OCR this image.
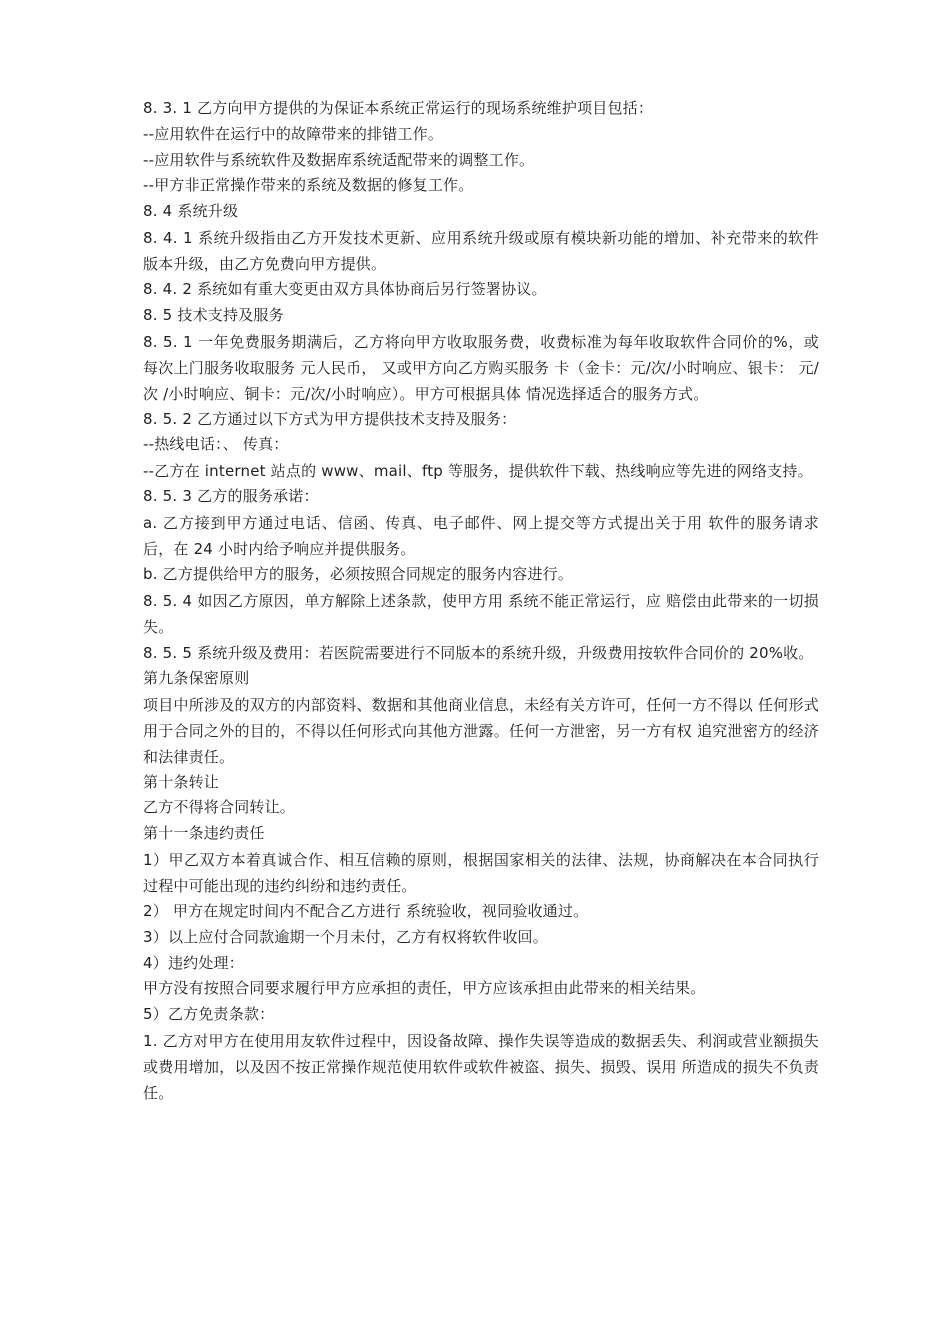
8. 3. 1 乙方向甲方提供的为保证本系统正常运行的现场系统维护项目包括：

--应用软件在运行中的故障带来的排错工作。

--应用软件与系统软件及数据库系统适配带来的调整工作。

--甲方非正常操作带来的系统及数据的修复工作。

8. 4 系统升级

8. 4. 1 系统升级指由乙方开发技术更新、应用系统升级或原有模块新功能的增加、补充带来的软件版本升级，由乙方免费向甲方提供。

8. 4. 2 系统如有重大变更由双方具体协商后另行签署协议。

8. 5 技术支持及服务

8. 5. 1 一年免费服务期满后，乙方将向甲方收取服务费，收费标准为每年收取软件合同价的%，或每次上门服务收取服务 元人民币， 又或甲方向乙方购买服务 卡（金卡：元/次/小时响应、银卡： 元/次 /小时响应、铜卡：元/次/小时响应）。甲方可根据具体 情况选择适合的服务方式。

8. 5. 2 乙方通过以下方式为甲方提供技术支持及服务：

--热线电话：、 传真：

--乙方在 internet 站点的 www、mail、ftp 等服务，提供软件下载、热线响应等先进的网络支持。

8. 5. 3 乙方的服务承诺：

a. 乙方接到甲方通过电话、信函、传真、电子邮件、网上提交等方式提出关于用 软件的服务请求后，在 24 小时内给予响应并提供服务。

b. 乙方提供给甲方的服务，必须按照合同规定的服务内容进行。

8. 5. 4 如因乙方原因，单方解除上述条款，使甲方用 系统不能正常运行，应 赔偿由此带来的一切损失。

8. 5. 5 系统升级及费用：若医院需要进行不同版本的系统升级，升级费用按软件合同价的 20%收。

第九条保密原则

项目中所涉及的双方的内部资料、数据和其他商业信息，未经有关方许可，任何一方不得以 任何形式用于合同之外的目的，不得以任何形式向其他方泄露。任何一方泄密，另一方有权 追究泄密方的经济和法律责任。

第十条转让

乙方不得将合同转让。

第十一条违约责任

1）甲乙双方本着真诚合作、相互信赖的原则，根据国家相关的法律、法规，协商解决在本合同执行过程中可能出现的违约纠纷和违约责任。

2） 甲方在规定时间内不配合乙方进行 系统验收，视同验收通过。

3）以上应付合同款逾期一个月未付，乙方有权将软件收回。

4）违约处理：

甲方没有按照合同要求履行甲方应承担的责任，甲方应该承担由此带来的相关结果。

5）乙方免责条款：

1. 乙方对甲方在使用用友软件过程中，因设备故障、操作失误等造成的数据丢失、利润或营业额损失或费用增加，以及因不按正常操作规范使用软件或软件被盗、损失、损毁、误用 所造成的损失不负责任。
